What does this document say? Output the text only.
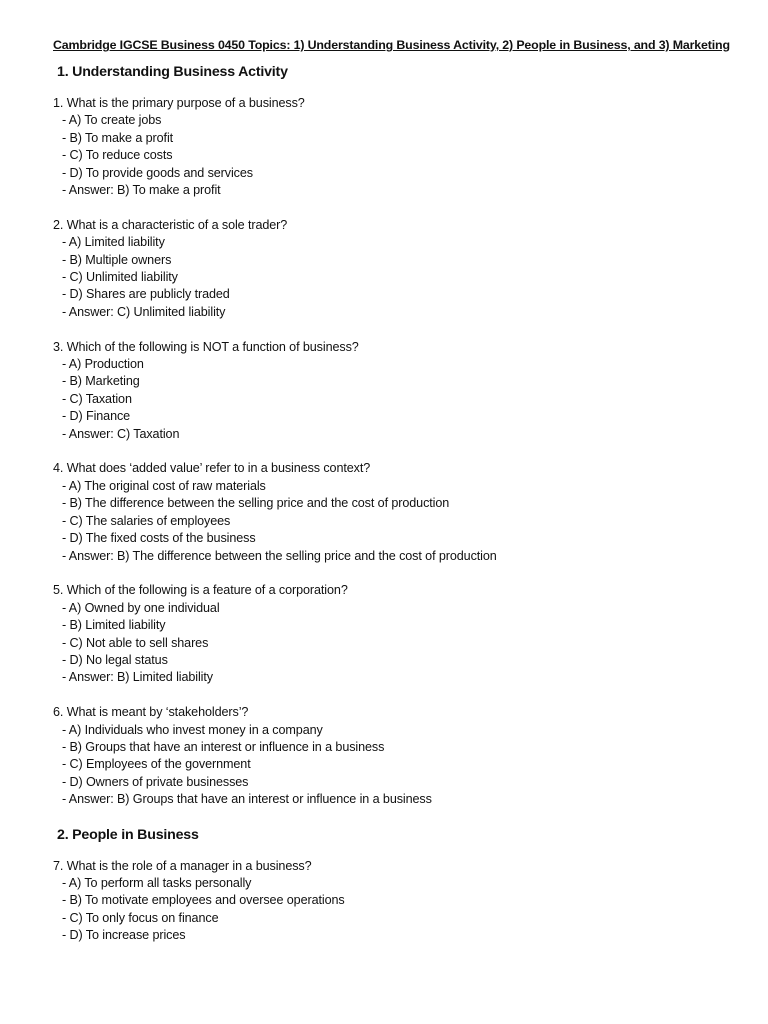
Cambridge IGCSE Business 0450 Topics: 1) Understanding Business Activity, 2) People in Business, and 3) Marketing
1. Understanding Business Activity
1. What is the primary purpose of a business?
- A) To create jobs
- B) To make a profit
- C) To reduce costs
- D) To provide goods and services
- Answer: B) To make a profit
2. What is a characteristic of a sole trader?
- A) Limited liability
- B) Multiple owners
- C) Unlimited liability
- D) Shares are publicly traded
- Answer: C) Unlimited liability
3. Which of the following is NOT a function of business?
- A) Production
- B) Marketing
- C) Taxation
- D) Finance
- Answer: C) Taxation
4. What does ‘added value’ refer to in a business context?
- A) The original cost of raw materials
- B) The difference between the selling price and the cost of production
- C) The salaries of employees
- D) The fixed costs of the business
- Answer: B) The difference between the selling price and the cost of production
5. Which of the following is a feature of a corporation?
- A) Owned by one individual
- B) Limited liability
- C) Not able to sell shares
- D) No legal status
- Answer: B) Limited liability
6. What is meant by ‘stakeholders’?
- A) Individuals who invest money in a company
- B) Groups that have an interest or influence in a business
- C) Employees of the government
- D) Owners of private businesses
- Answer: B) Groups that have an interest or influence in a business
2. People in Business
7. What is the role of a manager in a business?
- A) To perform all tasks personally
- B) To motivate employees and oversee operations
- C) To only focus on finance
- D) To increase prices
